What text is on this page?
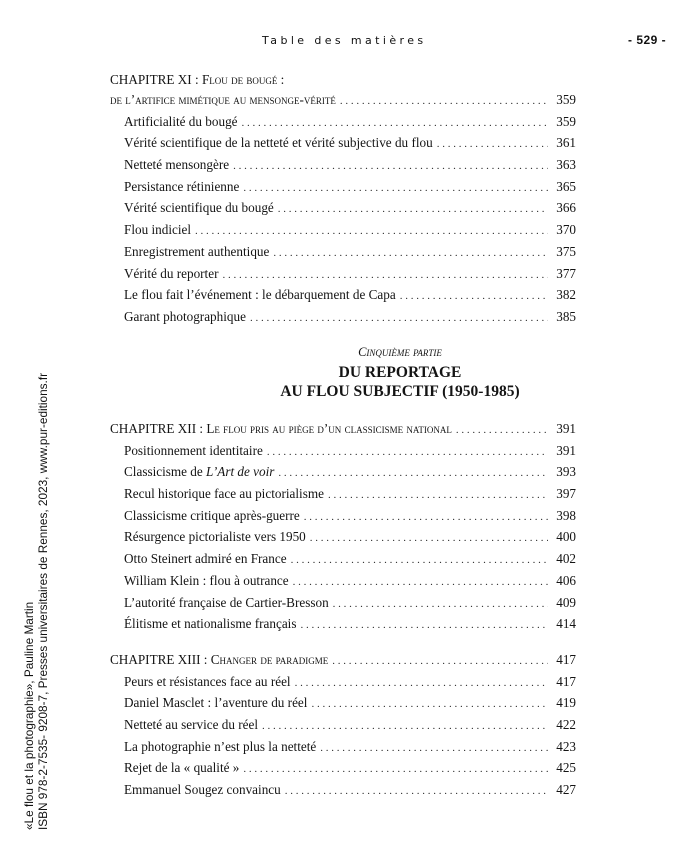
Table des matières	- 529 -
CHAPITRE XI : Flou de bougé :
de l’artifice mimétique au mensonge-vérité . . .	359
Artificialité du bougé . . .	359
Vérité scientifique de la netteté et vérité subjective du flou . . .	361
Netteté mensongère . . .	363
Persistance rétinienne . . .	365
Vérité scientifique du bougé . . .	366
Flou indiciel . . .	370
Enregistrement authentique . . .	375
Vérité du reporter . . .	377
Le flou fait l’événement : le débarquement de Capa . . .	382
Garant photographique . . .	385
Cinquième partie
DU REPORTAGE
AU FLOU SUBJECTIF (1950-1985)
CHAPITRE XII : Le flou pris au piège d’un classicisme national . . .	391
Positionnement identitaire . . .	391
Classicisme de L’Art de voir . . .	393
Recul historique face au pictorialisme . . .	397
Classicisme critique après-guerre . . .	398
Résurgence pictorialiste vers 1950 . . .	400
Otto Steinert admiré en France . . .	402
William Klein : flou à outrance . . .	406
L’autorité française de Cartier-Bresson . . .	409
Élitisme et nationalisme français . . .	414
CHAPITRE XIII : Changer de paradigme . . .	417
Peurs et résistances face au réel . . .	417
Daniel Masclet : l’aventure du réel . . .	419
Netteté au service du réel . . .	422
La photographie n’est plus la netteté . . .	423
Rejet de la « qualité » . . .	425
Emmanuel Sougez convaincu . . .	427
«Le flou et la photographie», Pauline Martin ISBN 978-2-7535- 9208-7, Presses universitaires de Rennes, 2023, www.pur-editions.fr
